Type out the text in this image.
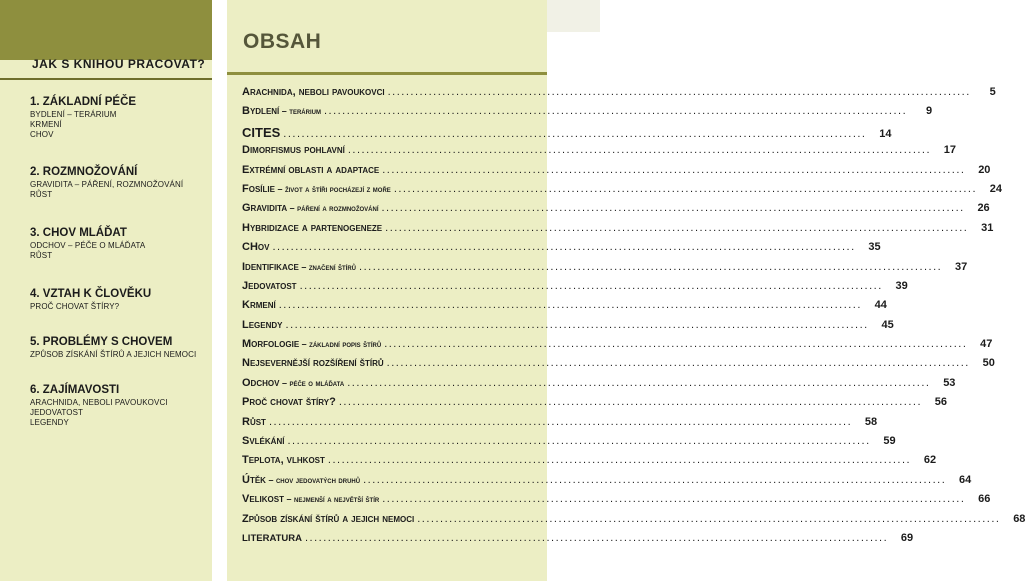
JAK S KNIHOU PRACOVAT?
1. ZÁKLADNÍ PÉČE
BYDLENÍ – TERÁRIUM
KRMENÍ
CHOV
2. ROZMNOŽOVÁNÍ
GRAVIDITA – PÁŘENÍ, ROZMNOŽOVÁNÍ
RŮST
3. CHOV MLÁĎAT
ODCHOV – PÉČE O MLÁĎATA
RŮST
4. VZTAH K ČLOVĚKU
PROČ CHOVAT ŠTÍRY?
5. PROBLÉMY S CHOVEM
ZPŮSOB ZÍSKÁNÍ ŠTÍRŮ A JEJICH NEMOCI
6. ZAJÍMAVOSTI
ARACHNIDA, NEBOLI PAVOUKOVCI
JEDOVATOST
LEGENDY
OBSAH
Arachnida, neboli pavoukovci .....	5
Bydlení – terárium .....	9
CITES .....	14
Dimorfismus pohlavní .....	17
Extrémní oblasti a adaptace .....	20
Fosílie – život a štíři pocházejí z moře .....	24
Gravidita – páření a rozmnožování .....	26
Hybridizace a partenogeneze .....	31
CHov .....	35
Identifikace – značení štírů .....	37
Jedovatost .....	39
Krmení .....	44
Legendy .....	45
Morfologie – základní popis štírů .....	47
Nejsevernější rozšíření štírů .....	50
Odchov – péče o mláďata .....	53
Proč chovat štíry? .....	56
Růst .....	58
Svlékání .....	59
Teplota, vlhkost .....	62
Útěk – chov jedovatých druhů .....	64
Velikost – nejmenší a největší štír .....	66
Způsob získání štírů a jejich nemoci .....	68
LITERATURA .....	69
